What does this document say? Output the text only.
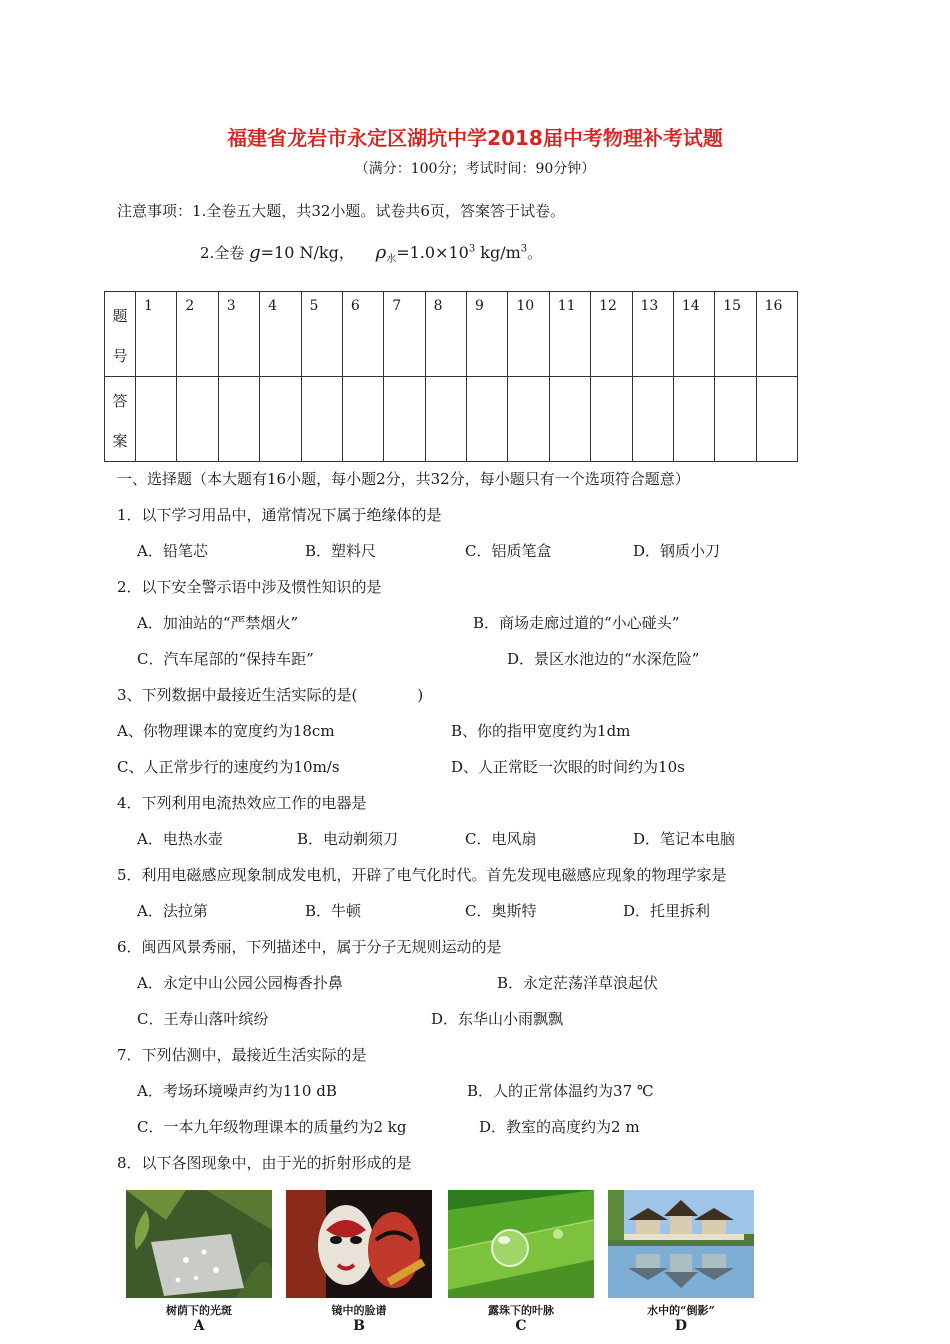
福建省龙岩市永定区湖坑中学2018届中考物理补考试题
（满分：100分；考试时间：90分钟）
注意事项：1.全卷五大题，共32小题。试卷共6页，答案答于试卷。
2.全卷 g=10 N/kg， $\rho_水=1.0\times 10^3$ $kg/m^3$。
题
号	1	2	3	4	5	6	7	8	9	10	11	12	13	14	15	16
答
案																
一、选择题（本大题有16小题，每小题2分，共32分，每小题只有一个选项符合题意）
1．以下学习用品中，通常情况下属于绝缘体的是
A．铅笔芯	B．塑料尺	C．铝质笔盒	D．钢质小刀
2．以下安全警示语中涉及惯性知识的是
A．加油站的“严禁烟火”	B．商场走廊过道的“小心碰头”
C．汽车尾部的“保持车距”	D．景区水池边的“水深危险”
3、下列数据中最接近生活实际的是(　　　　)
A、你物理课本的宽度约为18cm	B、你的指甲宽度约为1dm
C、人正常步行的速度约为10m/s	D、人正常眨一次眼的时间约为10s
4．下列利用电流热效应工作的电器是
A．电热水壶	B．电动剃须刀	C．电风扇	D．笔记本电脑
5．利用电磁感应现象制成发电机，开辟了电气化时代。首先发现电磁感应现象的物理学家是
A．法拉第	B．牛顿	C．奥斯特	D．托里拆利
6．闽西风景秀丽，下列描述中，属于分子无规则运动的是
A．永定中山公园公园梅香扑鼻	B．永定茫荡洋草浪起伏
C．王寿山落叶缤纷	D．东华山小雨飘飘
7．下列估测中，最接近生活实际的是
A．考场环境噪声约为110 dB	B．人的正常体温约为37 ℃
C．一本九年级物理课本的质量约为2 kg	D．教室的高度约为2 m
8．以下各图现象中，由于光的折射形成的是
树荫下的光斑
A
镜中的脸谱
B
露珠下的叶脉
C
水中的“倒影”
D
